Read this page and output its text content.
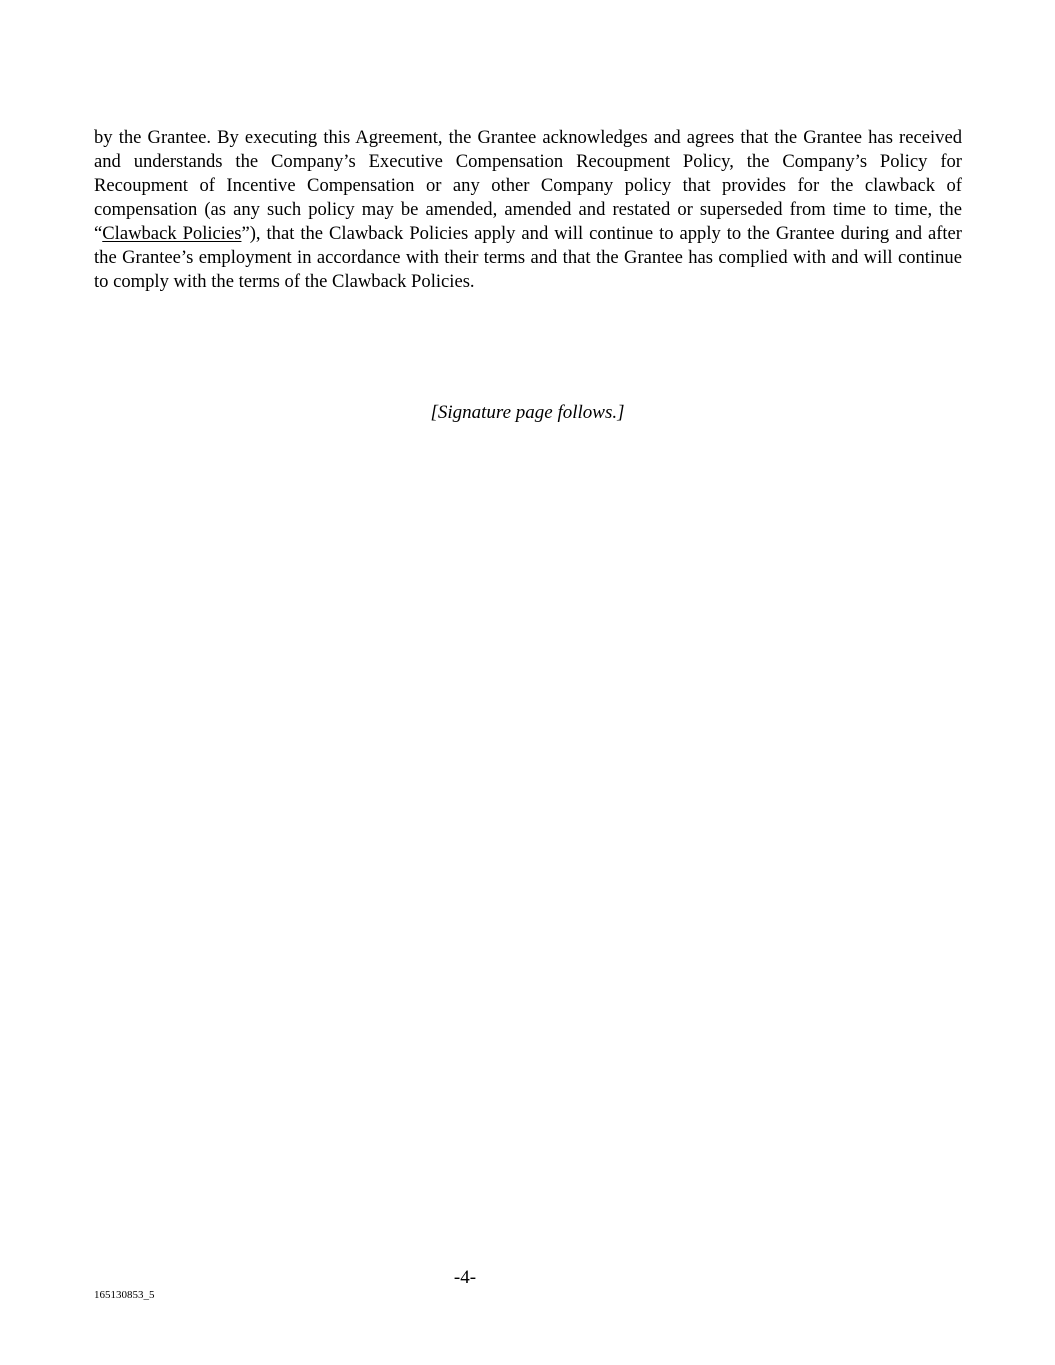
by the Grantee. By executing this Agreement, the Grantee acknowledges and agrees that the Grantee has received and understands the Company’s Executive Compensation Recoupment Policy, the Company’s Policy for Recoupment of Incentive Compensation or any other Company policy that provides for the clawback of compensation (as any such policy may be amended, amended and restated or superseded from time to time, the “Clawback Policies”), that the Clawback Policies apply and will continue to apply to the Grantee during and after the Grantee’s employment in accordance with their terms and that the Grantee has complied with and will continue to comply with the terms of the Clawback Policies.

[Signature page follows.]

-4-

165130853_5
